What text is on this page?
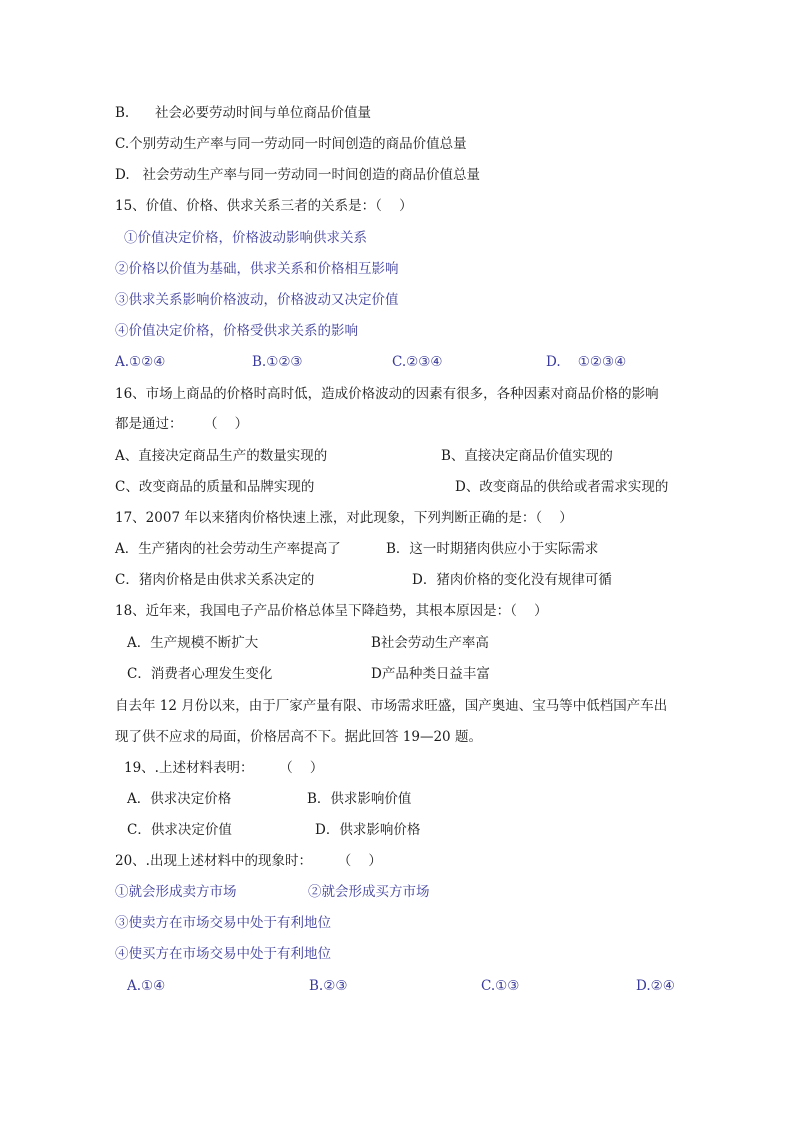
B.      社会必要劳动时间与单位商品价值量
C.个别劳动生产率与同一劳动同一时间创造的商品价值总量
D.   社会劳动生产率与同一劳动同一时间创造的商品价值总量
15、价值、价格、供求关系三者的关系是：（    ）
①价值决定价格，价格波动影响供求关系
②价格以价值为基础，供求关系和价格相互影响
③供求关系影响价格波动，价格波动又决定价值
④价值决定价格，价格受供求关系的影响
A.①②④	B.①②③	C.②③④	D.    ①②③④
16、市场上商品的价格时高时低，造成价格波动的因素有很多，各种因素对商品价格的影响
都是通过：     （    ）
A、直接决定商品生产的数量实现的	B、直接决定商品价值实现的
C、改变商品的质量和品牌实现的	D、改变商品的供给或者需求实现的
17、2007 年以来猪肉价格快速上涨，对此现象，下列判断正确的是：（    ）
A．生产猪肉的社会劳动生产率提高了	B．这一时期猪肉供应小于实际需求
C．猪肉价格是由供求关系决定的	D．猪肉价格的变化没有规律可循
18、近年来，我国电子产品价格总体呈下降趋势，其根本原因是：（    ）
A．生产规模不断扩大	B社会劳动生产率高
C．消费者心理发生变化	D产品种类日益丰富
自去年 12 月份以来，由于厂家产量有限、市场需求旺盛，国产奥迪、宝马等中低档国产车出
现了供不应求的局面，价格居高不下。据此回答 19—20 题。
19、.上述材料表明：      （    ）
A．供求决定价格	B．供求影响价值
C．供求决定价值	D．供求影响价格
20、.出现上述材料中的现象时：      （    ）
①就会形成卖方市场	②就会形成买方市场
③使卖方在市场交易中处于有利地位
④使买方在市场交易中处于有利地位
A.①④	B.②③	C.①③	D.②④
